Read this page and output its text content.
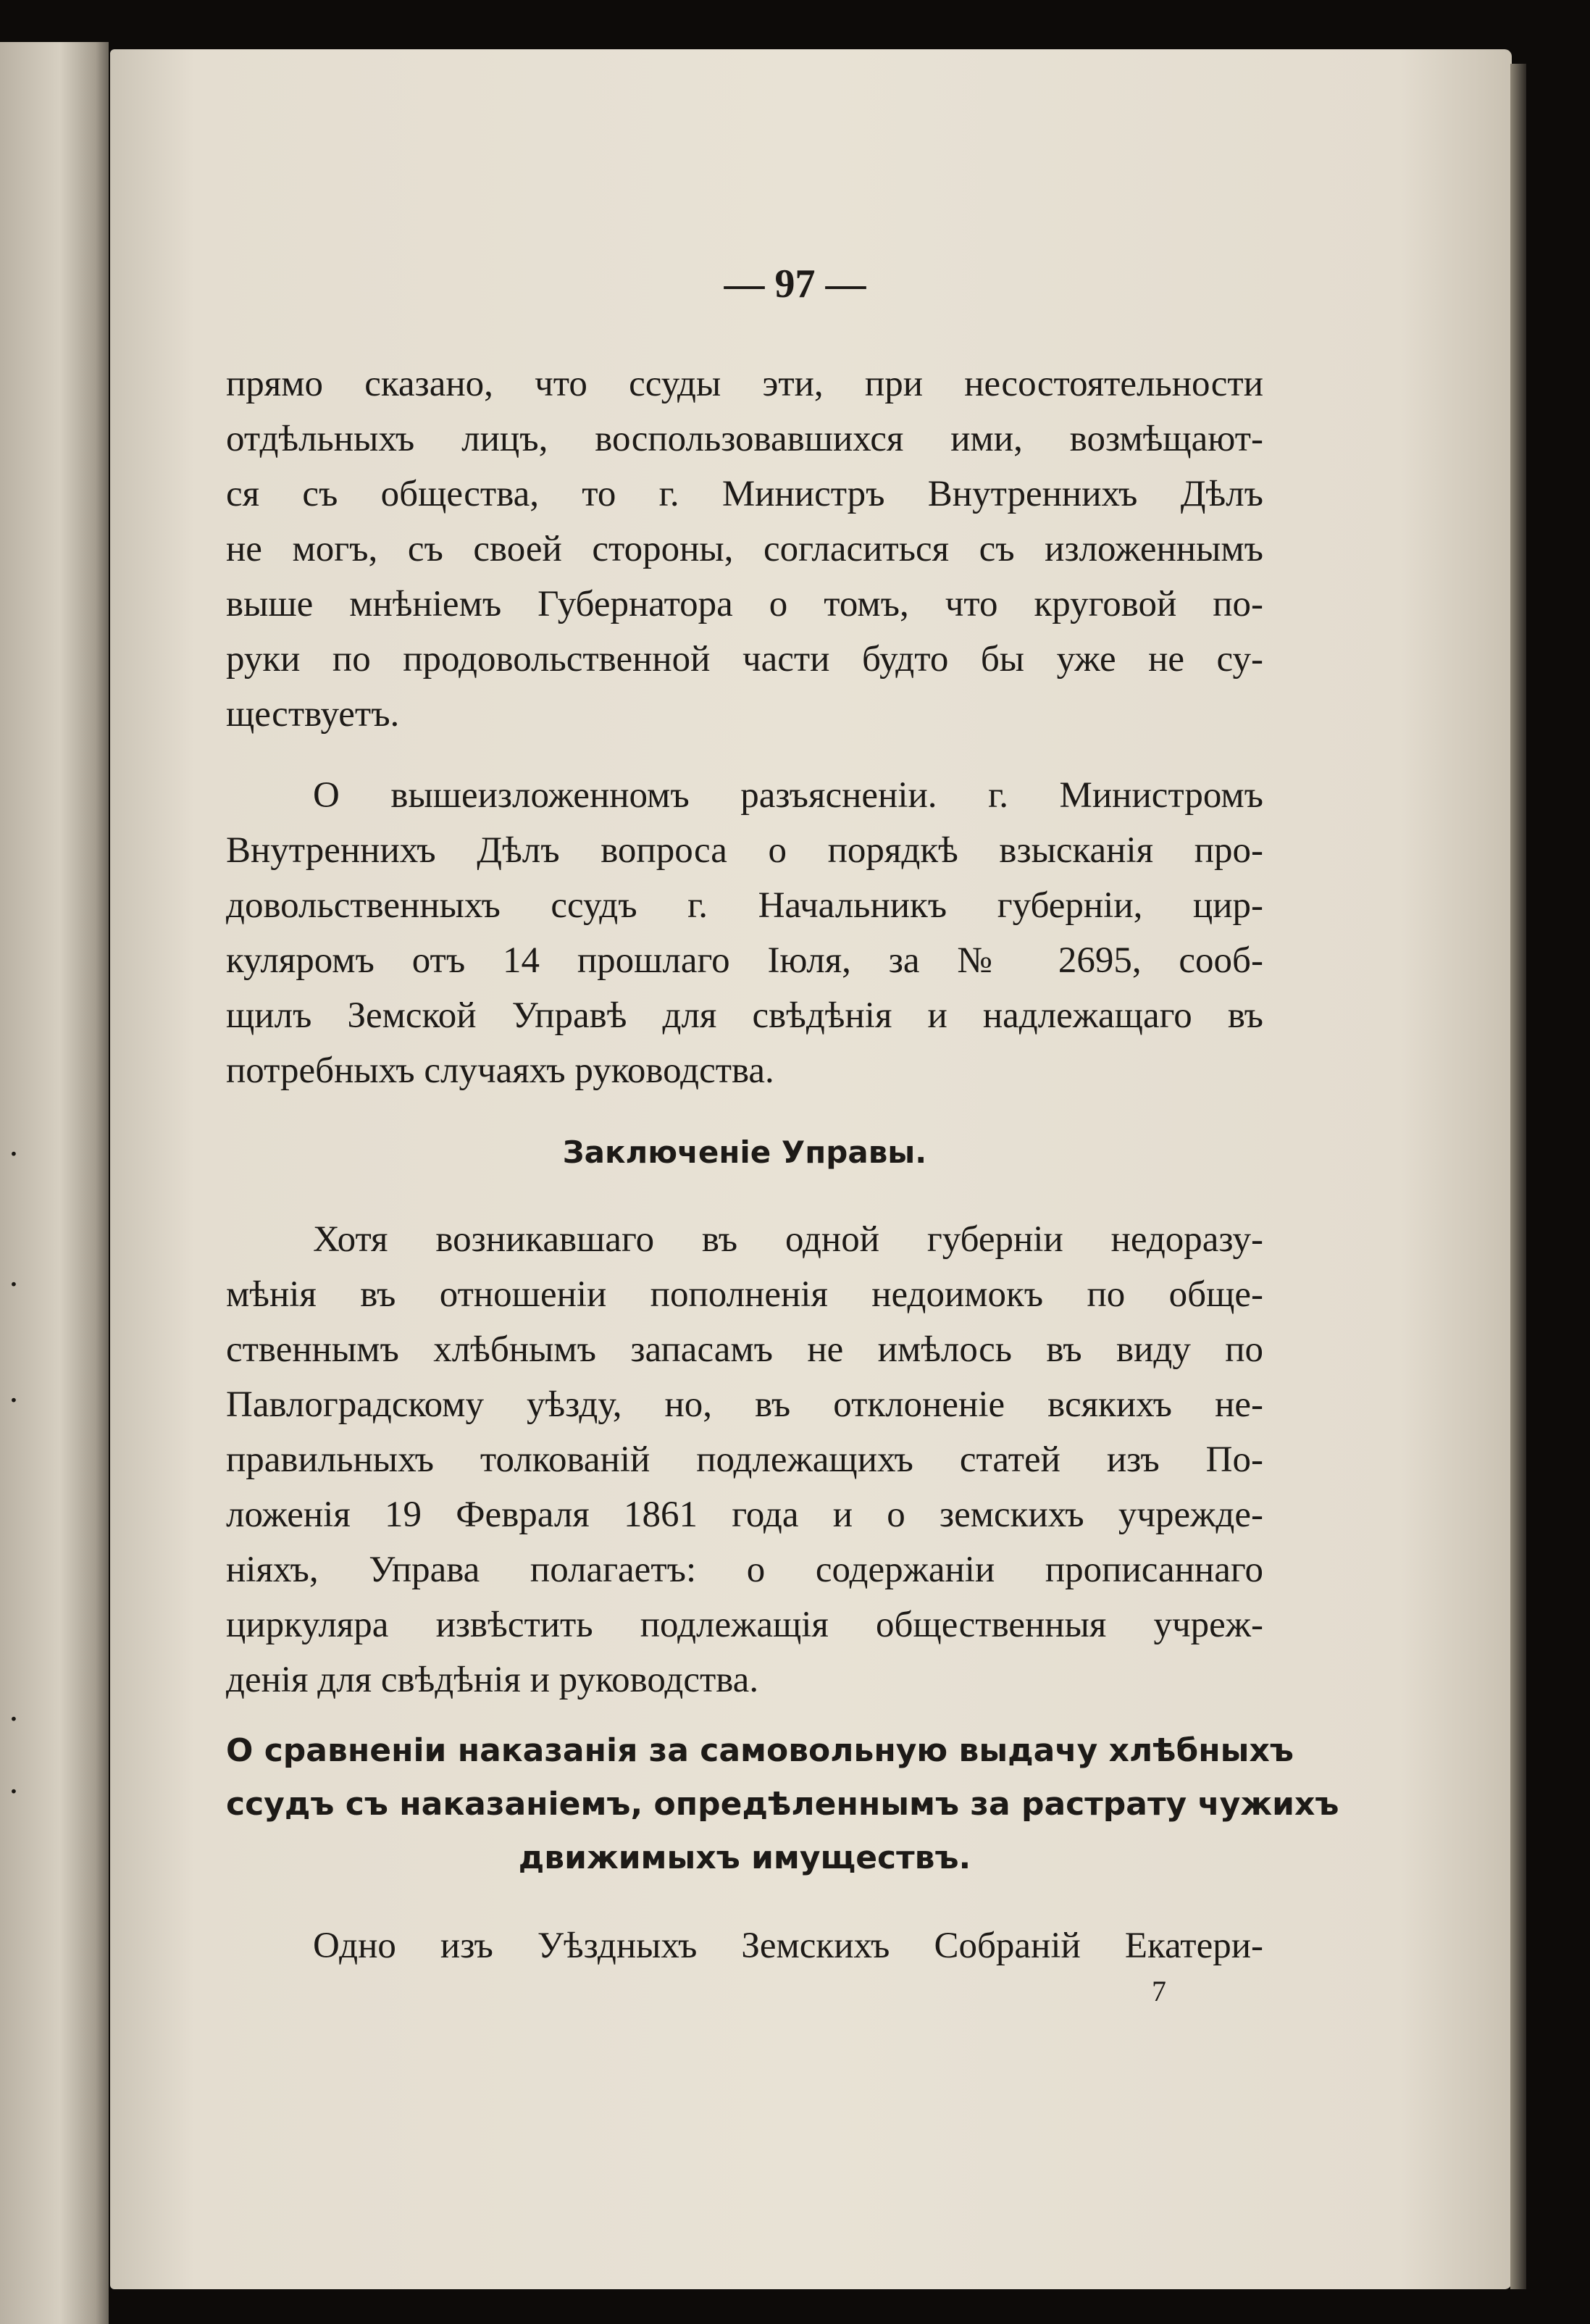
·
·
·
·
·
— 97 —
прямо сказано, что ссуды эти, при несостоятельности
отдѣльныхъ лицъ, воспользовавшихся ими, возмѣщают-
ся съ общества, то г. Министръ Внутреннихъ Дѣлъ
не могъ, съ своей стороны, согласиться съ изложеннымъ
выше мнѣніемъ Губернатора о томъ, что круговой по-
руки по продовольственной части будто бы уже не су-
ществуетъ.
О вышеизложенномъ разъясненіи. г. Министромъ
Внутреннихъ Дѣлъ вопроса о порядкѣ взысканія про-
довольственныхъ ссудъ г. Начальникъ губерніи, цир-
куляромъ отъ 14 прошлаго Іюля, за № 2695, сооб-
щилъ Земской Управѣ для свѣдѣнія и надлежащаго въ
потребныхъ случаяхъ руководства.
Заключеніе Управы.
Хотя возникавшаго въ одной губерніи недоразу-
мѣнія въ отношеніи пополненія недоимокъ по обще-
ственнымъ хлѣбнымъ запасамъ не имѣлось въ виду по
Павлоградскому уѣзду, но, въ отклоненіе всякихъ не-
правильныхъ толкованій подлежащихъ статей изъ По-
ложенія 19 Февраля 1861 года и о земскихъ учрежде-
ніяхъ, Управа полагаетъ: о содержаніи прописаннаго
циркуляра извѣстить подлежащія общественныя учреж-
денія для свѣдѣнія и руководства.
О сравненіи наказанія за самовольную выдачу хлѣбныхъ
ссудъ съ наказаніемъ, опредѣленнымъ за растрату чужихъ
движимыхъ имуществъ.
Одно изъ Уѣздныхъ Земскихъ Собраній Екатери-
7
